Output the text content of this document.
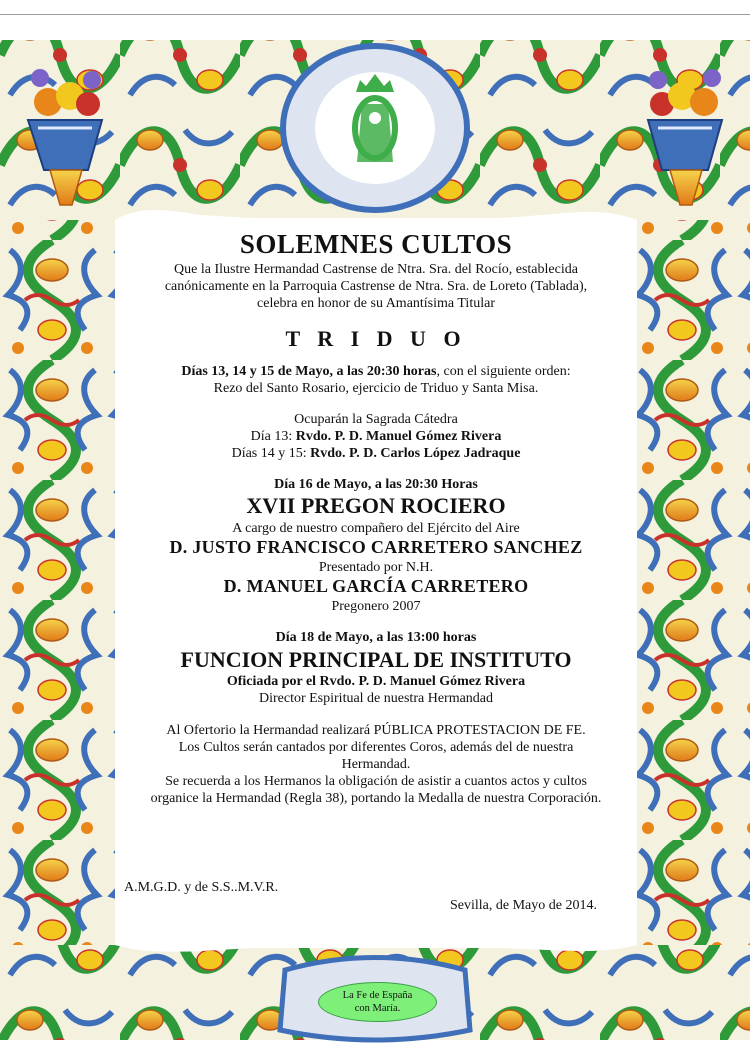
SOLEMNES CULTOS
Que la Ilustre Hermandad Castrense de Ntra. Sra. del Rocío, establecida
canónicamente en la Parroquia Castrense de Ntra. Sra. de Loreto (Tablada),
celebra en honor de su Amantísima Titular
T R I D U O
Días 13, 14 y 15 de Mayo, a las 20:30 horas, con el siguiente orden:
Rezo del Santo Rosario, ejercicio de Triduo y Santa Misa.
Ocuparán la Sagrada Cátedra
Día 13: Rvdo. P. D. Manuel Gómez Rivera
Días 14 y 15: Rvdo. P. D. Carlos López Jadraque
Día 16 de Mayo, a las 20:30 Horas
XVII PREGON ROCIERO
A cargo de nuestro compañero del Ejército del Aire
D. JUSTO FRANCISCO CARRETERO SANCHEZ
Presentado por N.H.
D. MANUEL GARCÍA CARRETERO
Pregonero 2007
Día 18 de Mayo, a las 13:00 horas
FUNCION PRINCIPAL DE INSTITUTO
Oficiada por el Rvdo. P. D. Manuel Gómez Rivera
Director Espiritual de nuestra Hermandad
Al Ofertorio la Hermandad realizará PÚBLICA PROTESTACION DE FE.
Los Cultos serán cantados por diferentes Coros, además del de nuestra
Hermandad.
Se recuerda a los Hermanos la obligación de asistir a cuantos actos y cultos
organice la Hermandad (Regla 38), portando la Medalla de nuestra Corporación.
A.M.G.D. y de S.S..M.V.R.
Sevilla, de Mayo de 2014.
La Fe de España
con María.
